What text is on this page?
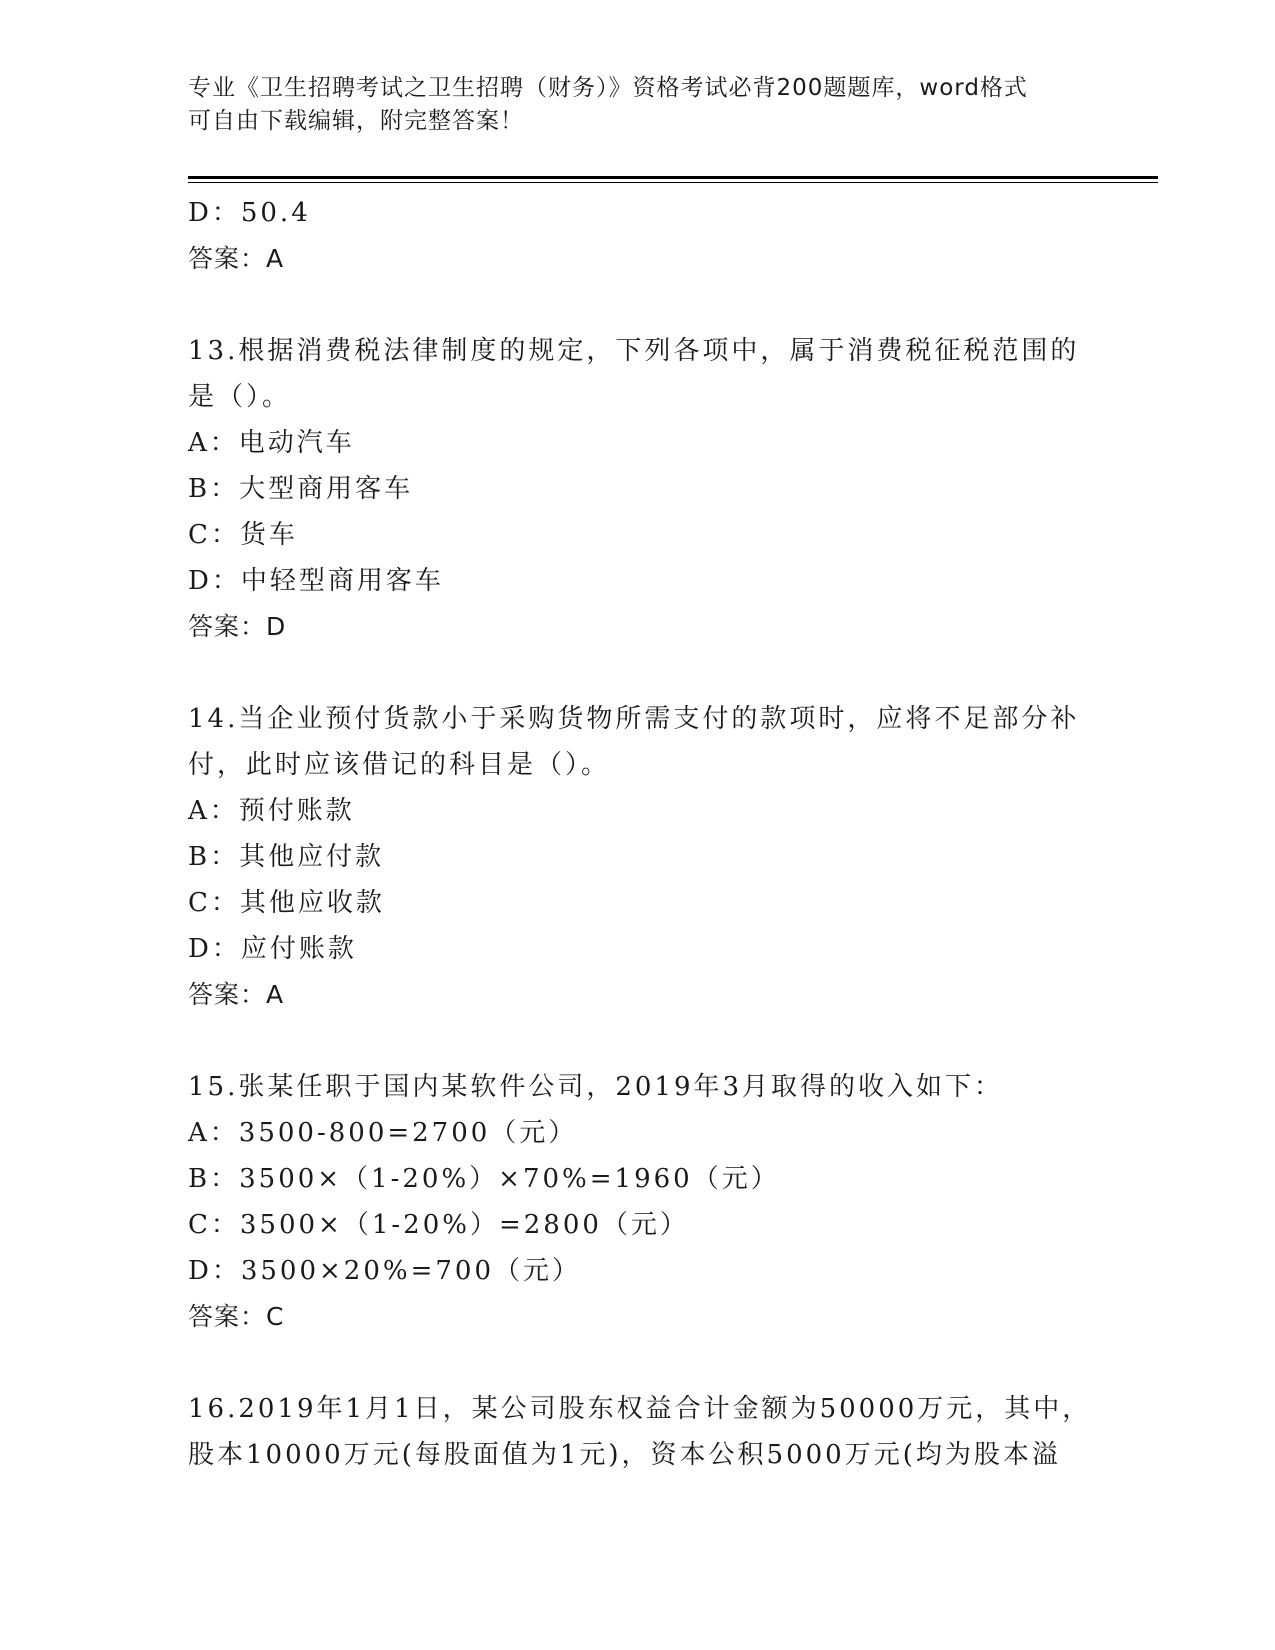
专业《卫生招聘考试之卫生招聘（财务）》资格考试必背200题题库，word格式
可自由下载编辑，附完整答案！
D：50.4
答案：A
13.根据消费税法律制度的规定，下列各项中，属于消费税征税范围的
是（）。
A：电动汽车
B：大型商用客车
C：货车
D：中轻型商用客车
答案：D
14.当企业预付货款小于采购货物所需支付的款项时，应将不足部分补
付，此时应该借记的科目是（）。
A：预付账款
B：其他应付款
C：其他应收款
D：应付账款
答案：A
15.张某任职于国内某软件公司，2019年3月取得的收入如下：
A：3500-800=2700（元）
B：3500×（1-20%）×70%=1960（元）
C：3500×（1-20%）=2800（元）
D：3500×20%=700（元）
答案：C
16.2019年1月1日，某公司股东权益合计金额为50000万元，其中，
股本10000万元(每股面值为1元)，资本公积5000万元(均为股本溢
